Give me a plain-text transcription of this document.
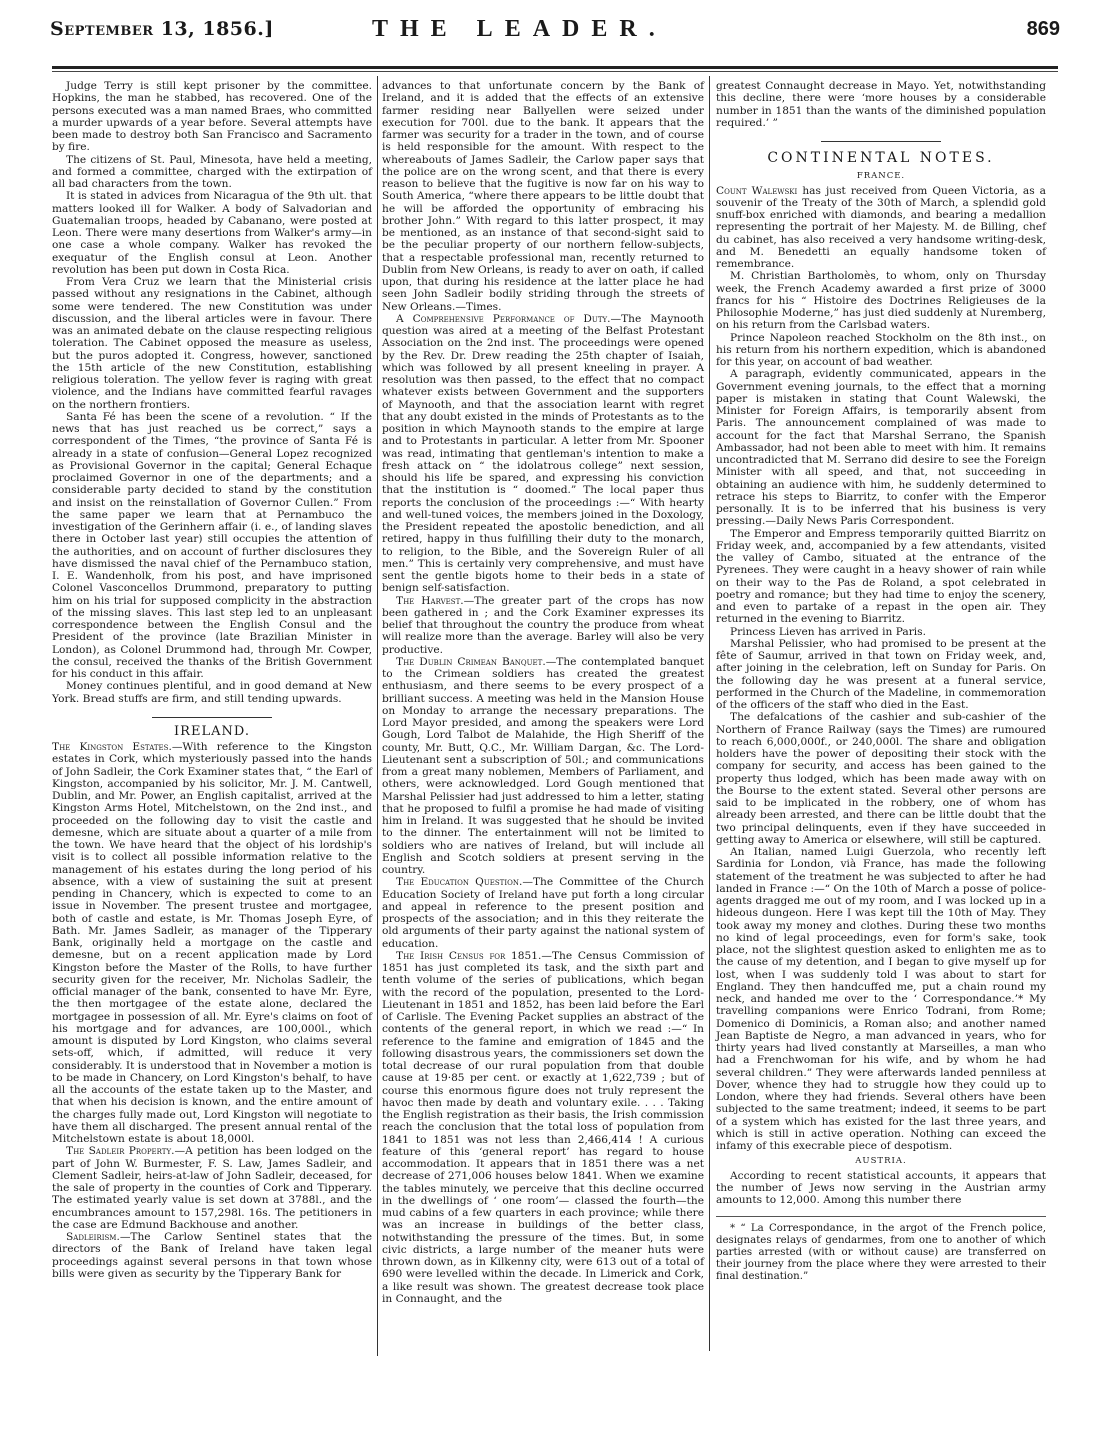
September 13, 1856.]	THE LEADER.	869

Judge Terry is still kept prisoner by the committee. Hopkins, the man he stabbed, has recovered. One of the persons executed was a man named Braes, who committed a murder upwards of a year before. Several attempts have been made to destroy both San Francisco and Sacramento by fire.

The citizens of St. Paul, Minesota, have held a meeting, and formed a committee, charged with the extirpation of all bad characters from the town.

It is stated in advices from Nicaragua of the 9th ult. that matters looked ill for Walker. A body of Salvadorian and Guatemalian troops, headed by Cabanano, were posted at Leon. There were many desertions from Walker's army—in one case a whole company. Walker has revoked the exequatur of the English consul at Leon. Another revolution has been put down in Costa Rica.

From Vera Cruz we learn that the Ministerial crisis passed without any resignations in the Cabinet, although some were tendered. The new Constitution was under discussion, and the liberal articles were in favour. There was an animated debate on the clause respecting religious toleration. The Cabinet opposed the measure as useless, but the puros adopted it. Congress, however, sanctioned the 15th article of the new Constitution, establishing religious toleration. The yellow fever is raging with great violence, and the Indians have committed fearful ravages on the northern frontiers.

Santa Fé has been the scene of a revolution. “ If the news that has just reached us be correct,” says a correspondent of the Times, “the province of Santa Fé is already in a state of confusion—General Lopez recognized as Provisional Governor in the capital; General Echaque proclaimed Governor in one of the departments; and a considerable party decided to stand by the constitution and insist on the reinstallation of Governor Cullen.” From the same paper we learn that at Pernambuco the investigation of the Gerinhern affair (i. e., of landing slaves there in October last year) still occupies the attention of the authorities, and on account of further disclosures they have dismissed the naval chief of the Pernambuco station, I. E. Wandenholk, from his post, and have imprisoned Colonel Vasconcellos Drummond, preparatory to putting him on his trial for supposed complicity in the abstraction of the missing slaves. This last step led to an unpleasant correspondence between the English Consul and the President of the province (late Brazilian Minister in London), as Colonel Drummond had, through Mr. Cowper, the consul, received the thanks of the British Government for his conduct in this affair.

Money continues plentiful, and in good demand at New York. Bread stuffs are firm, and still tending upwards.

IRELAND.

The Kingston Estates.—With reference to the Kingston estates in Cork, which mysteriously passed into the hands of John Sadleir, the Cork Examiner states that, “ the Earl of Kingston, accompanied by his solicitor, Mr. J. M. Cantwell, Dublin, and Mr. Power, an English capitalist, arrived at the Kingston Arms Hotel, Mitchelstown, on the 2nd inst., and proceeded on the following day to visit the castle and demesne, which are situate about a quarter of a mile from the town. We have heard that the object of his lordship's visit is to collect all possible information relative to the management of his estates during the long period of his absence, with a view of sustaining the suit at present pending in Chancery, which is expected to come to an issue in November. The present trustee and mortgagee, both of castle and estate, is Mr. Thomas Joseph Eyre, of Bath. Mr. James Sadleir, as manager of the Tipperary Bank, originally held a mortgage on the castle and demesne, but on a recent application made by Lord Kingston before the Master of the Rolls, to have further security given for the receiver, Mr. Nicholas Sadleir, the official manager of the bank, consented to have Mr. Eyre, the then mortgagee of the estate alone, declared the mortgagee in possession of all. Mr. Eyre's claims on foot of his mortgage and for advances, are 100,000l., which amount is disputed by Lord Kingston, who claims several sets-off, which, if admitted, will reduce it very considerably. It is understood that in November a motion is to be made in Chancery, on Lord Kingston's behalf, to have all the accounts of the estate taken up to the Master, and that when his decision is known, and the entire amount of the charges fully made out, Lord Kingston will negotiate to have them all discharged. The present annual rental of the Mitchelstown estate is about 18,000l.

The Sadleir Property.—A petition has been lodged on the part of John W. Burmester, F. S. Law, James Sadleir, and Clement Sadleir, heirs-at-law of John Sadleir, deceased, for the sale of property in the counties of Cork and Tipperary. The estimated yearly value is set down at 3788l., and the encumbrances amount to 157,298l. 16s. The petitioners in the case are Edmund Backhouse and another.

Sadleirism.—The Carlow Sentinel states that the directors of the Bank of Ireland have taken legal proceedings against several persons in that town whose bills were given as security by the Tipperary Bank for

advances to that unfortunate concern by the Bank of Ireland, and it is added that the effects of an extensive farmer residing near Ballyellen were seized under execution for 700l. due to the bank. It appears that the farmer was security for a trader in the town, and of course is held responsible for the amount. With respect to the whereabouts of James Sadleir, the Carlow paper says that the police are on the wrong scent, and that there is every reason to believe that the fugitive is now far on his way to South America, “where there appears to be little doubt that he will be afforded the opportunity of embracing his brother John.” With regard to this latter prospect, it may be mentioned, as an instance of that second-sight said to be the peculiar property of our northern fellow-subjects, that a respectable professional man, recently returned to Dublin from New Orleans, is ready to aver on oath, if called upon, that during his residence at the latter place he had seen John Sadleir bodily striding through the streets of New Orleans.—Times.

A Comprehensive Performance of Duty.—The Maynooth question was aired at a meeting of the Belfast Protestant Association on the 2nd inst. The proceedings were opened by the Rev. Dr. Drew reading the 25th chapter of Isaiah, which was followed by all present kneeling in prayer. A resolution was then passed, to the effect that no compact whatever exists between Government and the supporters of Maynooth, and that the association learnt with regret that any doubt existed in the minds of Protestants as to the position in which Maynooth stands to the empire at large and to Protestants in particular. A letter from Mr. Spooner was read, intimating that gentleman's intention to make a fresh attack on “ the idolatrous college” next session, should his life be spared, and expressing his conviction that the institution is “ doomed.” The local paper thus reports the conclusion of the proceedings :—“ With hearty and well-tuned voices, the members joined in the Doxology, the President repeated the apostolic benediction, and all retired, happy in thus fulfilling their duty to the monarch, to religion, to the Bible, and the Sovereign Ruler of all men.” This is certainly very comprehensive, and must have sent the gentle bigots home to their beds in a state of benign self-satisfaction.

The Harvest.—The greater part of the crops has now been gathered in ; and the Cork Examiner expresses its belief that throughout the country the produce from wheat will realize more than the average. Barley will also be very productive.

The Dublin Crimean Banquet.—The contemplated banquet to the Crimean soldiers has created the greatest enthusiasm, and there seems to be every prospect of a brilliant success. A meeting was held in the Mansion House on Monday to arrange the necessary preparations. The Lord Mayor presided, and among the speakers were Lord Gough, Lord Talbot de Malahide, the High Sheriff of the county, Mr. Butt, Q.C., Mr. William Dargan, &c. The Lord-Lieutenant sent a subscription of 50l.; and communications from a great many noblemen, Members of Parliament, and others, were acknowledged. Lord Gough mentioned that Marshal Pelissier had just addressed to him a letter, stating that he proposed to fulfil a promise he had made of visiting him in Ireland. It was suggested that he should be invited to the dinner. The entertainment will not be limited to soldiers who are natives of Ireland, but will include all English and Scotch soldiers at present serving in the country.

The Education Question.—The Committee of the Church Education Society of Ireland have put forth a long circular and appeal in reference to the present position and prospects of the association; and in this they reiterate the old arguments of their party against the national system of education.

The Irish Census for 1851.—The Census Commission of 1851 has just completed its task, and the sixth part and tenth volume of the series of publications, which began with the record of the population, presented to the Lord-Lieutenant in 1851 and 1852, has been laid before the Earl of Carlisle. The Evening Packet supplies an abstract of the contents of the general report, in which we read :—“ In reference to the famine and emigration of 1845 and the following disastrous years, the commissioners set down the total decrease of our rural population from that double cause at 19·85 per cent. or exactly at 1,622,739 ; but of course this enormous figure does not truly represent the havoc then made by death and voluntary exile. . . . Taking the English registration as their basis, the Irish commission reach the conclusion that the total loss of population from 1841 to 1851 was not less than 2,466,414 ! A curious feature of this ‘general report’ has regard to house accommodation. It appears that in 1851 there was a net decrease of 271,006 houses below 1841. When we examine the tables minutely, we perceive that this decline occurred in the dwellings of ‘ one room’— classed the fourth—the mud cabins of a few quarters in each province; while there was an increase in buildings of the better class, notwithstanding the pressure of the times. But, in some civic districts, a large number of the meaner huts were thrown down, as in Kilkenny city, were 613 out of a total of 690 were levelled within the decade. In Limerick and Cork, a like result was shown. The greatest decrease took place in Connaught, and the

greatest Connaught decrease in Mayo. Yet, notwithstanding this decline, there were ‘more houses by a considerable number in 1851 than the wants of the diminished population required.’ ”

CONTINENTAL NOTES.
FRANCE.

Count Walewski has just received from Queen Victoria, as a souvenir of the Treaty of the 30th of March, a splendid gold snuff-box enriched with diamonds, and bearing a medallion representing the portrait of her Majesty. M. de Billing, chef du cabinet, has also received a very handsome writing-desk, and M. Benedetti an equally handsome token of remembrance.

M. Christian Bartholomès, to whom, only on Thursday week, the French Academy awarded a first prize of 3000 francs for his “ Histoire des Doctrines Religieuses de la Philosophie Moderne,” has just died suddenly at Nuremberg, on his return from the Carlsbad waters.

Prince Napoleon reached Stockholm on the 8th inst., on his return from his northern expedition, which is abandoned for this year, on account of bad weather.

A paragraph, evidently communicated, appears in the Government evening journals, to the effect that a morning paper is mistaken in stating that Count Walewski, the Minister for Foreign Affairs, is temporarily absent from Paris. The announcement complained of was made to account for the fact that Marshal Serrano, the Spanish Ambassador, had not been able to meet with him. It remains uncontradicted that M. Serrano did desire to see the Foreign Minister with all speed, and that, not succeeding in obtaining an audience with him, he suddenly determined to retrace his steps to Biarritz, to confer with the Emperor personally. It is to be inferred that his business is very pressing.—Daily News Paris Correspondent.

The Emperor and Empress temporarily quitted Biarritz on Friday week, and, accompanied by a few attendants, visited the valley of Cambo, situated at the entrance of the Pyrenees. They were caught in a heavy shower of rain while on their way to the Pas de Roland, a spot celebrated in poetry and romance; but they had time to enjoy the scenery, and even to partake of a repast in the open air. They returned in the evening to Biarritz.

Princess Lieven has arrived in Paris.

Marshal Pelissier, who had promised to be present at the fête of Saumur, arrived in that town on Friday week, and, after joining in the celebration, left on Sunday for Paris. On the following day he was present at a funeral service, performed in the Church of the Madeline, in commemoration of the officers of the staff who died in the East.

The defalcations of the cashier and sub-cashier of the Northern of France Railway (says the Times) are rumoured to reach 6,000,000f., or 240,000l. The share and obligation holders have the power of depositing their stock with the company for security, and access has been gained to the property thus lodged, which has been made away with on the Bourse to the extent stated. Several other persons are said to be implicated in the robbery, one of whom has already been arrested, and there can be little doubt that the two principal delinquents, even if they have succeeded in getting away to America or elsewhere, will still be captured.

An Italian, named Luigi Guerzola, who recently left Sardinia for London, vià France, has made the following statement of the treatment he was subjected to after he had landed in France :—“ On the 10th of March a posse of police-agents dragged me out of my room, and I was locked up in a hideous dungeon. Here I was kept till the 10th of May. They took away my money and clothes. During these two months no kind of legal proceedings, even for form's sake, took place, not the slightest question asked to enlighten me as to the cause of my detention, and I began to give myself up for lost, when I was suddenly told I was about to start for England. They then handcuffed me, put a chain round my neck, and handed me over to the ‘ Correspondance.’* My travelling companions were Enrico Todrani, from Rome; Domenico di Dominicis, a Roman also; and another named Jean Baptiste de Negro, a man advanced in years, who for thirty years had lived constantly at Marseilles, a man who had a Frenchwoman for his wife, and by whom he had several children.” They were afterwards landed penniless at Dover, whence they had to struggle how they could up to London, where they had friends. Several others have been subjected to the same treatment; indeed, it seems to be part of a system which has existed for the last three years, and which is still in active operation. Nothing can exceed the infamy of this execrable piece of despotism.

AUSTRIA.

According to recent statistical accounts, it appears that the number of Jews now serving in the Austrian army amounts to 12,000. Among this number there

* “ La Correspondance, in the argot of the French police, designates relays of gendarmes, from one to another of which parties arrested (with or without cause) are transferred on their journey from the place where they were arrested to their final destination.”
